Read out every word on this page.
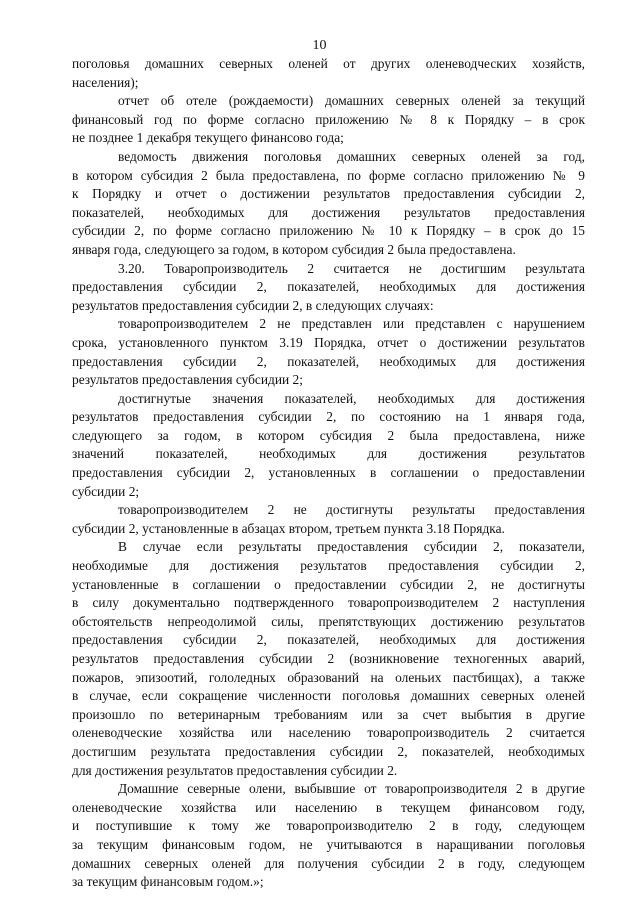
10
поголовья домашних северных оленей от других оленеводческих хозяйств,
населения);
отчет об отеле (рождаемости) домашних северных оленей за текущий
финансовый год по форме согласно приложению № 8 к Порядку – в срок
не позднее 1 декабря текущего финансово года;
ведомость движения поголовья домашних северных оленей за год,
в котором субсидия 2 была предоставлена, по форме согласно приложению № 9
к Порядку и отчет о достижении результатов предоставления субсидии 2,
показателей, необходимых для достижения результатов предоставления
субсидии 2, по форме согласно приложению № 10 к Порядку – в срок до 15
января года, следующего за годом, в котором субсидия 2 была предоставлена.
3.20. Товаропроизводитель 2 считается не достигшим результата
предоставления субсидии 2, показателей, необходимых для достижения
результатов предоставления субсидии 2, в следующих случаях:
товаропроизводителем 2 не представлен или представлен с нарушением
срока, установленного пунктом 3.19 Порядка, отчет о достижении результатов
предоставления субсидии 2, показателей, необходимых для достижения
результатов предоставления субсидии 2;
достигнутые значения показателей, необходимых для достижения
результатов предоставления субсидии 2, по состоянию на 1 января года,
следующего за годом, в котором субсидия 2 была предоставлена, ниже
значений показателей, необходимых для достижения результатов
предоставления субсидии 2, установленных в соглашении о предоставлении
субсидии 2;
товаропроизводителем 2 не достигнуты результаты предоставления
субсидии 2, установленные в абзацах втором, третьем пункта 3.18 Порядка.
В случае если результаты предоставления субсидии 2, показатели,
необходимые для достижения результатов предоставления субсидии 2,
установленные в соглашении о предоставлении субсидии 2, не достигнуты
в силу документально подтвержденного товаропроизводителем 2 наступления
обстоятельств непреодолимой силы, препятствующих достижению результатов
предоставления субсидии 2, показателей, необходимых для достижения
результатов предоставления субсидии 2 (возникновение техногенных аварий,
пожаров, эпизоотий, гололедных образований на оленьих пастбищах), а также
в случае, если сокращение численности поголовья домашних северных оленей
произошло по ветеринарным требованиям или за счет выбытия в другие
оленеводческие хозяйства или населению товаропроизводитель 2 считается
достигшим результата предоставления субсидии 2, показателей, необходимых
для достижения результатов предоставления субсидии 2.
Домашние северные олени, выбывшие от товаропроизводителя 2 в другие
оленеводческие хозяйства или населению в текущем финансовом году,
и поступившие к тому же товаропроизводителю 2 в году, следующем
за текущим финансовым годом, не учитываются в наращивании поголовья
домашних северных оленей для получения субсидии 2 в году, следующем
за текущим финансовым годом.»;
